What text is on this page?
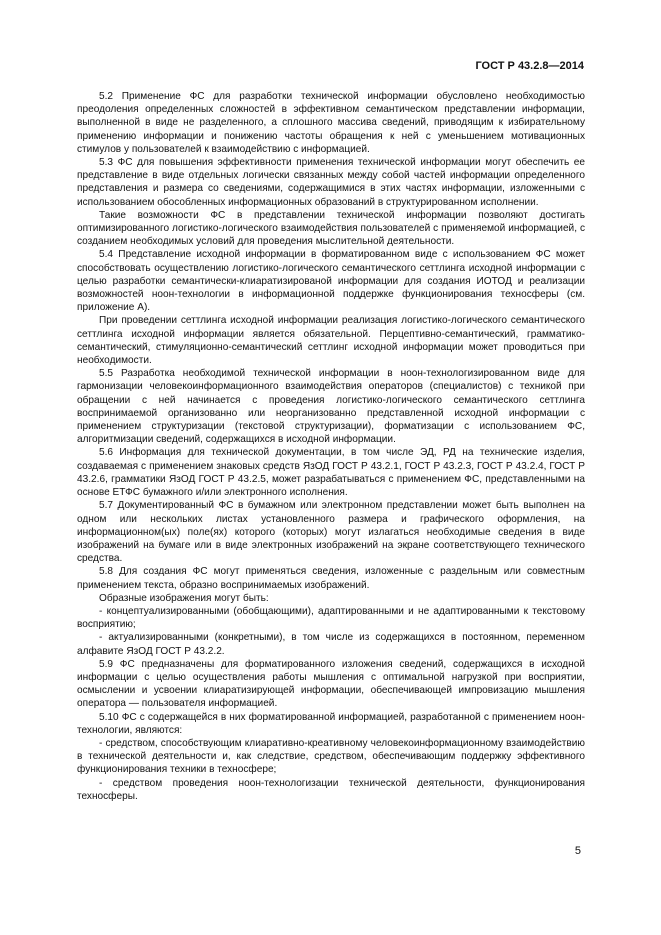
ГОСТ Р 43.2.8—2014

5.2 Применение ФС для разработки технической информации обусловлено необходимостью преодоления определенных сложностей в эффективном семантическом представлении информации, выполненной в виде не разделенного, а сплошного массива сведений, приводящим к избирательному применению информации и понижению частоты обращения к ней с уменьшением мотивационных стимулов у пользователей к взаимодействию с информацией.

5.3 ФС для повышения эффективности применения технической информации могут обеспечить ее представление в виде отдельных логически связанных между собой частей информации определенного представления и размера со сведениями, содержащимися в этих частях информации, изложенными с использованием обособленных информационных образований в структурированном исполнении.

Такие возможности ФС в представлении технической информации позволяют достигать оптимизированного логистико-логического взаимодействия пользователей с применяемой информацией, с созданием необходимых условий для проведения мыслительной деятельности.

5.4 Представление исходной информации в форматированном виде с использованием ФС может способствовать осуществлению логистико-логического семантического сеттлинга исходной информации с целью разработки семантически-клиаратизированой информации для создания ИОТОД и реализации возможностей ноон-технологии в информационной поддержке функционирования техносферы (см. приложение А).

При проведении сеттлинга исходной информации реализация логистико-логического семантического сеттлинга исходной информации является обязательной. Перцептивно-семантический, грамматико-семантический, стимуляционно-семантический сеттлинг исходной информации может проводиться при необходимости.

5.5 Разработка необходимой технической информации в ноон-технологизированном виде для гармонизации человекоинформационного взаимодействия операторов (специалистов) с техникой при обращении с ней начинается с проведения логистико-логического семантического сеттлинга воспринимаемой организованно или неорганизованно представленной исходной информации с применением структуризации (текстовой структуризации), форматизации с использованием ФС, алгоритмизации сведений, содержащихся в исходной информации.

5.6 Информация для технической документации, в том числе ЭД, РД на технические изделия, создаваемая с применением знаковых средств ЯзОД ГОСТ Р 43.2.1, ГОСТ Р 43.2.3, ГОСТ Р 43.2.4, ГОСТ Р 43.2.6, грамматики ЯзОД ГОСТ Р 43.2.5, может разрабатываться с применением ФС, представленными на основе ЕТФС бумажного и/или электронного исполнения.

5.7 Документированный ФС в бумажном или электронном представлении может быть выполнен на одном или нескольких листах установленного размера и графического оформления, на информационном(ых) поле(ях) которого (которых) могут излагаться необходимые сведения в виде изображений на бумаге или в виде электронных изображений на экране соответствующего технического средства.

5.8 Для создания ФС могут применяться сведения, изложенные с раздельным или совместным применением текста, образно воспринимаемых изображений.

Образные изображения могут быть:

- концептуализированными (обобщающими), адаптированными и не адаптированными к текстовому восприятию;

- актуализированными (конкретными), в том числе из содержащихся в постоянном, переменном алфавите ЯзОД ГОСТ Р 43.2.2.

5.9 ФС предназначены для форматированного изложения сведений, содержащихся в исходной информации с целью осуществления работы мышления с оптимальной нагрузкой при восприятии, осмыслении и усвоении клиаратизирующей информации, обеспечивающей импровизацию мышления оператора — пользователя информацией.

5.10 ФС с содержащейся в них форматированной информацией, разработанной с применением ноон-технологии, являются:

- средством, способствующим клиаративно-креативному человекоинформационному взаимодействию в технической деятельности и, как следствие, средством, обеспечивающим поддержку эффективного функционирования техники в техносфере;

- средством проведения ноон-технологизации технической деятельности, функционирования техносферы.

5
